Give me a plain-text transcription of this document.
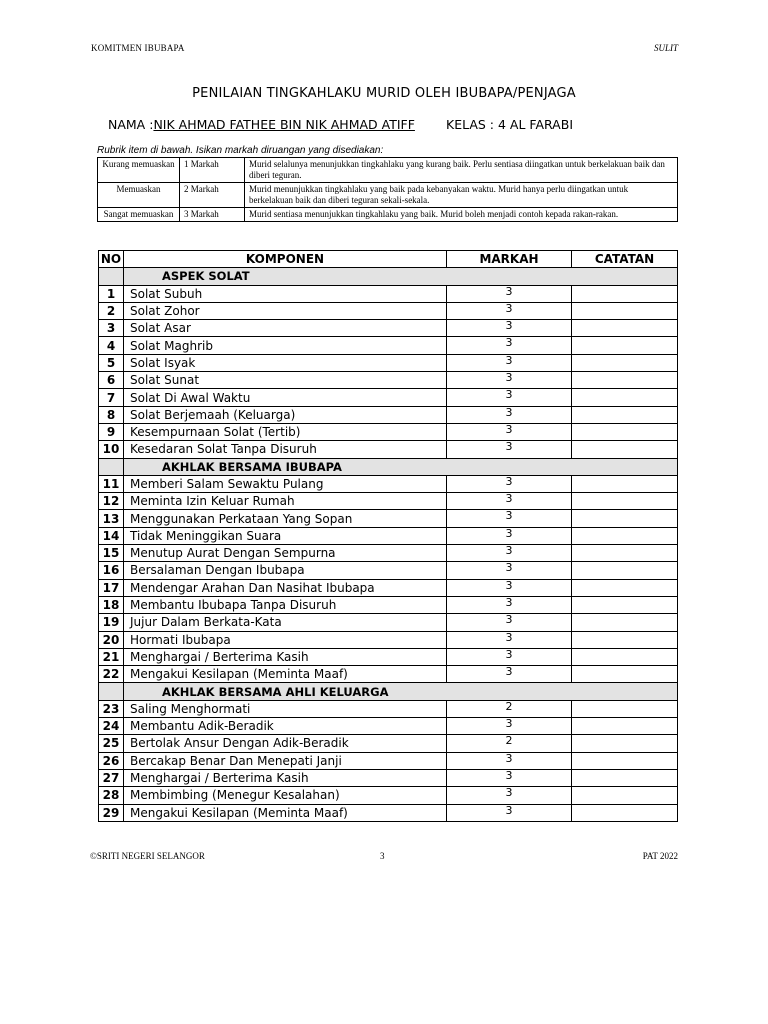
KOMITMEN IBUBAPA	SULIT
PENILAIAN TINGKAHLAKU MURID OLEH IBUBAPA/PENJAGA
NAMA :NIK AHMAD FATHEE BIN NIK AHMAD ATIFF KELAS : 4 AL FARABI
Rubrik item di bawah. Isikan markah diruangan yang disediakan:
Kurang memuaskan	1 Markah	Murid selalunya menunjukkan tingkahlaku yang kurang baik. Perlu sentiasa diingatkan untuk berkelakuan baik dan diberi teguran.
Memuaskan	2 Markah	Murid menunjukkan tingkahlaku yang baik pada kebanyakan waktu. Murid hanya perlu diingatkan untuk berkelakuan baik dan diberi teguran sekali-sekala.
Sangat memuaskan	3 Markah	Murid sentiasa menunjukkan tingkahlaku yang baik. Murid boleh menjadi contoh kepada rakan-rakan.
NO	KOMPONEN	MARKAH	CATATAN
	ASPEK SOLAT		
1	Solat Subuh	3	
2	Solat Zohor	3	
3	Solat Asar	3	
4	Solat Maghrib	3	
5	Solat Isyak	3	
6	Solat Sunat	3	
7	Solat Di Awal Waktu	3	
8	Solat Berjemaah (Keluarga)	3	
9	Kesempurnaan Solat (Tertib)	3	
10	Kesedaran Solat Tanpa Disuruh	3	
	AKHLAK BERSAMA IBUBAPA		
11	Memberi Salam Sewaktu Pulang	3	
12	Meminta Izin Keluar Rumah	3	
13	Menggunakan Perkataan Yang Sopan	3	
14	Tidak Meninggikan Suara	3	
15	Menutup Aurat Dengan Sempurna	3	
16	Bersalaman Dengan Ibubapa	3	
17	Mendengar Arahan Dan Nasihat Ibubapa	3	
18	Membantu Ibubapa Tanpa Disuruh	3	
19	Jujur Dalam Berkata-Kata	3	
20	Hormati Ibubapa	3	
21	Menghargai / Berterima Kasih	3	
22	Mengakui Kesilapan (Meminta Maaf)	3	
	AKHLAK BERSAMA AHLI KELUARGA		
23	Saling Menghormati	2	
24	Membantu Adik-Beradik	3	
25	Bertolak Ansur Dengan Adik-Beradik	2	
26	Bercakap Benar Dan Menepati Janji	3	
27	Menghargai / Berterima Kasih	3	
28	Membimbing (Menegur Kesalahan)	3	
29	Mengakui Kesilapan (Meminta Maaf)	3	
©SRITI NEGERI SELANGOR	3	PAT 2022
